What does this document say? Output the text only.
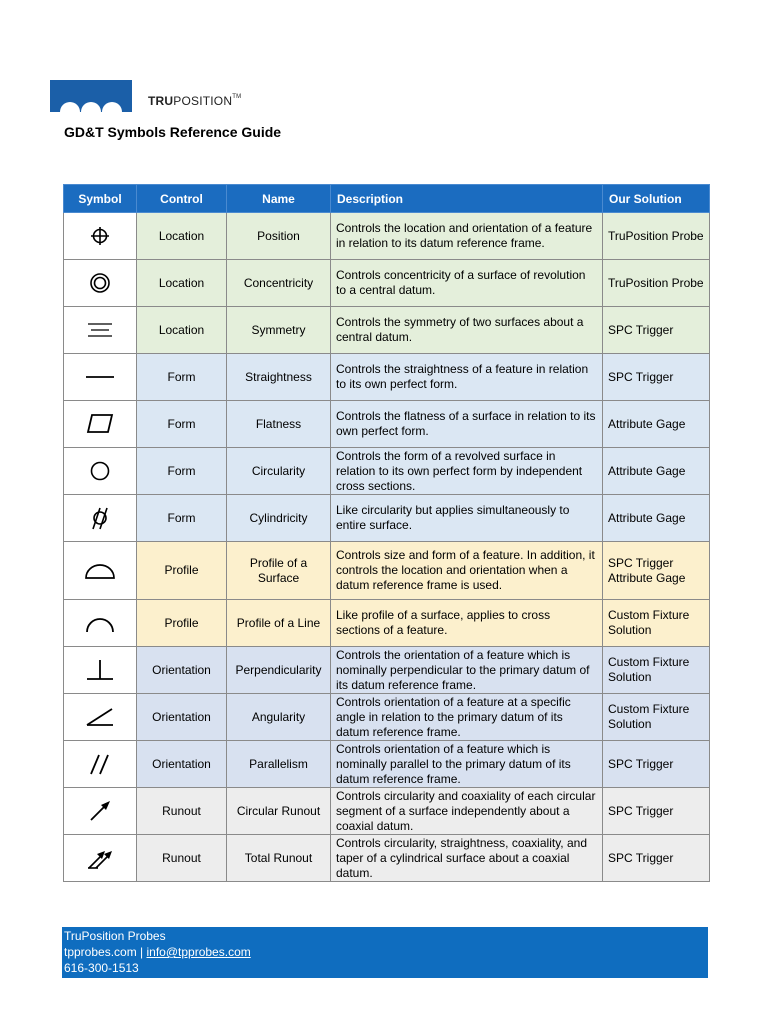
TRUPOSITION™
GD&T Symbols Reference Guide
Symbol	Control	Name	Description	Our Solution

	Location	Position	Controls the location and orientation of a feature in relation to its datum reference frame.	TruPosition Probe

	Location	Concentricity	Controls concentricity of a surface of revolution to a central datum.	TruPosition Probe

	Location	Symmetry	Controls the symmetry of two surfaces about a central datum.	SPC Trigger

	Form	Straightness	Controls the straightness of a feature in relation to its own perfect form.	SPC Trigger

	Form	Flatness	Controls the flatness of a surface in relation to its own perfect form.	Attribute Gage

	Form	Circularity	Controls the form of a revolved surface in relation to its own perfect form by independent cross sections.	Attribute Gage

	Form	Cylindricity	Like circularity but applies simultaneously to entire surface.	Attribute Gage

	Profile	Profile of a Surface	Controls size and form of a feature. In addition, it controls the location and orientation when a datum reference frame is used.	SPC Trigger Attribute Gage

	Profile	Profile of a Line	Like profile of a surface, applies to cross sections of a feature.	Custom Fixture Solution

	Orientation	Perpendicularity	Controls the orientation of a feature which is nominally perpendicular to the primary datum of its datum reference frame.	Custom Fixture Solution

	Orientation	Angularity	Controls orientation of a feature at a specific angle in relation to the primary datum of its datum reference frame.	Custom Fixture Solution

	Orientation	Parallelism	Controls orientation of a feature which is nominally parallel to the primary datum of its datum reference frame.	SPC Trigger

	Runout	Circular Runout	Controls circularity and coaxiality of each circular segment of a surface independently about a coaxial datum.	SPC Trigger

	Runout	Total Runout	Controls circularity, straightness, coaxiality, and taper of a cylindrical surface about a coaxial datum.	SPC Trigger
TruPosition Probes
tpprobes.com | info@tpprobes.com
616-300-1513
